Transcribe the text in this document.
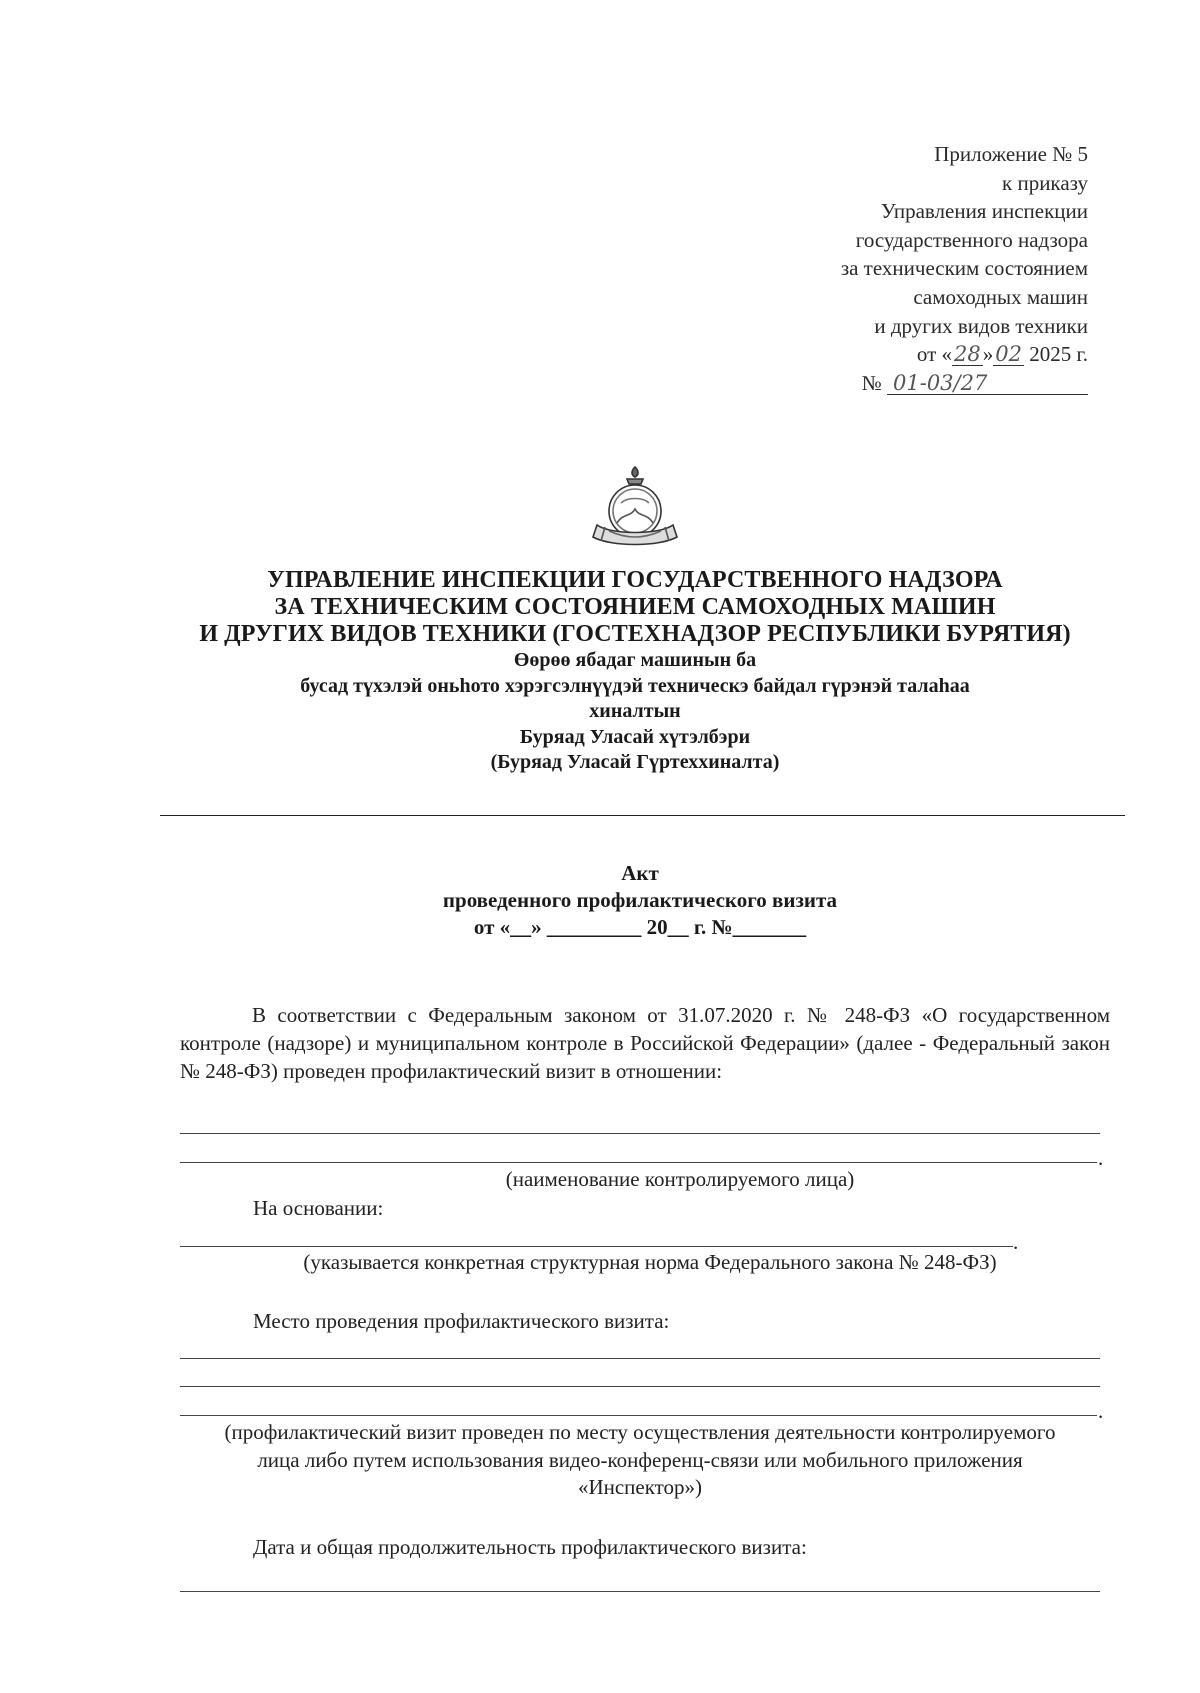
Приложение № 5
к приказу
Управления инспекции
государственного надзора
за техническим состоянием
самоходных машин
и других видов техники
от «28»02 2025 г.
№ 01-03/27
УПРАВЛЕНИЕ ИНСПЕКЦИИ ГОСУДАРСТВЕННОГО НАДЗОРА
ЗА ТЕХНИЧЕСКИМ СОСТОЯНИЕМ САМОХОДНЫХ МАШИН
И ДРУГИХ ВИДОВ ТЕХНИКИ (ГОСТЕХНАДЗОР РЕСПУБЛИКИ БУРЯТИЯ)
Өөрөө ябадаг машинын ба
бусад түхэлэй оньһото хэрэгсэлнүүдэй техническэ байдал гүрэнэй талаһаа
хиналтын
Буряад Уласай хүтэлбэри
(Буряад Уласай Гүртеххиналта)
Акт
проведенного профилактического визита
от «__» _________ 20__ г. №_______

В соответствии с Федеральным законом от 31.07.2020 г. № 248-ФЗ «О государственном контроле (надзоре) и муниципальном контроле в Российской Федерации» (далее - Федеральный закон № 248-ФЗ) проведен профилактический визит в отношении:

.
(наименование контролируемого лица)
На основании:
.
(указывается конкретная структурная норма Федерального закона № 248-ФЗ)
Место проведения профилактического визита:
.
(профилактический визит проведен по месту осуществления деятельности контролируемого лица либо путем использования видео-конференц-связи или мобильного приложения «Инспектор»)
Дата и общая продолжительность профилактического визита:
